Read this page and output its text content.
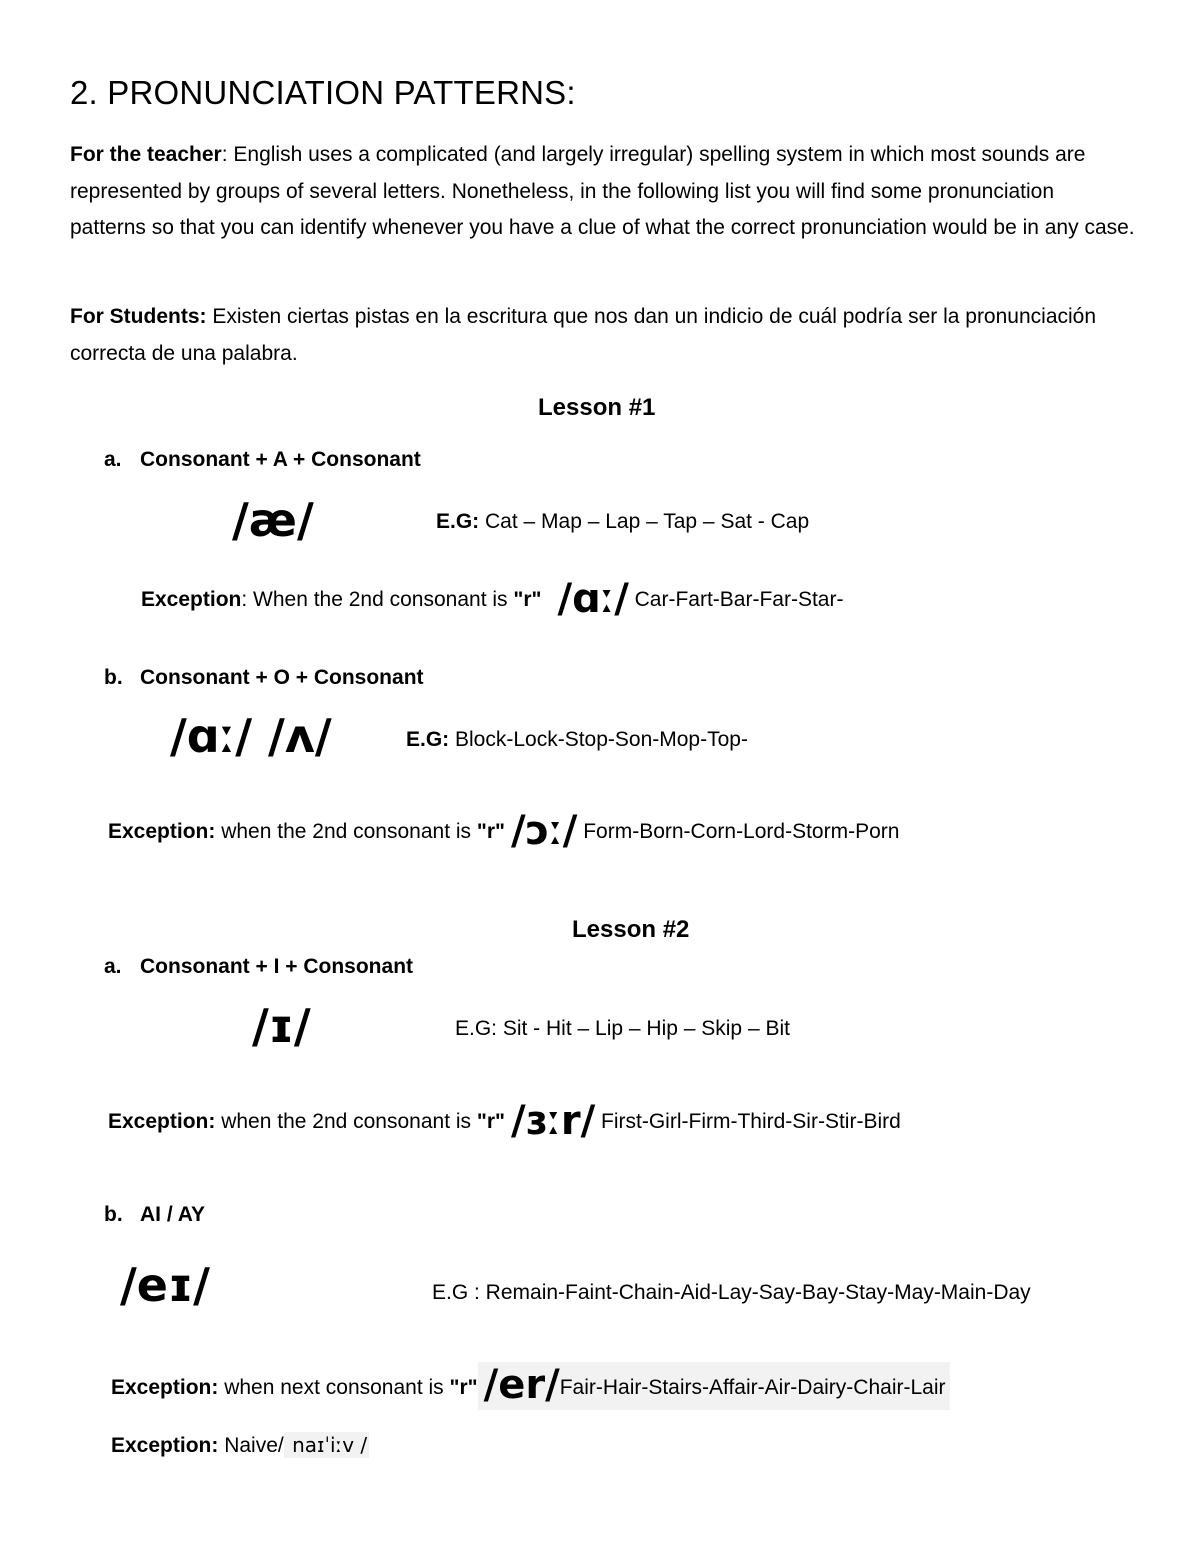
2. PRONUNCIATION PATTERNS:
For the teacher: English uses a complicated (and largely irregular) spelling system in which most sounds are represented by groups of several letters. Nonetheless, in the following list you will find some pronunciation patterns so that you can identify whenever you have a clue of what the correct pronunciation would be in any case.
For Students: Existen ciertas pistas en la escritura que nos dan un indicio de cuál podría ser la pronunciación correcta de una palabra.
Lesson #1
a. Consonant + A + Consonant
/æ/	E.G: Cat – Map – Lap – Tap – Sat - Cap
Exception: When the 2nd consonant is "r" /ɑː/ Car-Fart-Bar-Far-Star-
b. Consonant + O + Consonant
/ɑː/ /ʌ/	E.G: Block-Lock-Stop-Son-Mop-Top-
Exception: when the 2nd consonant is "r" /ɔː/ Form-Born-Corn-Lord-Storm-Porn
Lesson #2
a. Consonant + I + Consonant
/ɪ/	E.G: Sit - Hit – Lip – Hip – Skip – Bit
Exception: when the 2nd consonant is "r" /ɜːr/ First-Girl-Firm-Third-Sir-Stir-Bird
b. AI / AY
/eɪ/	E.G : Remain-Faint-Chain-Aid-Lay-Say-Bay-Stay-May-Main-Day
Exception: when next consonant is "r" /er/Fair-Hair-Stairs-Affair-Air-Dairy-Chair-Lair
Exception: Naive/ naɪˈiːv /
